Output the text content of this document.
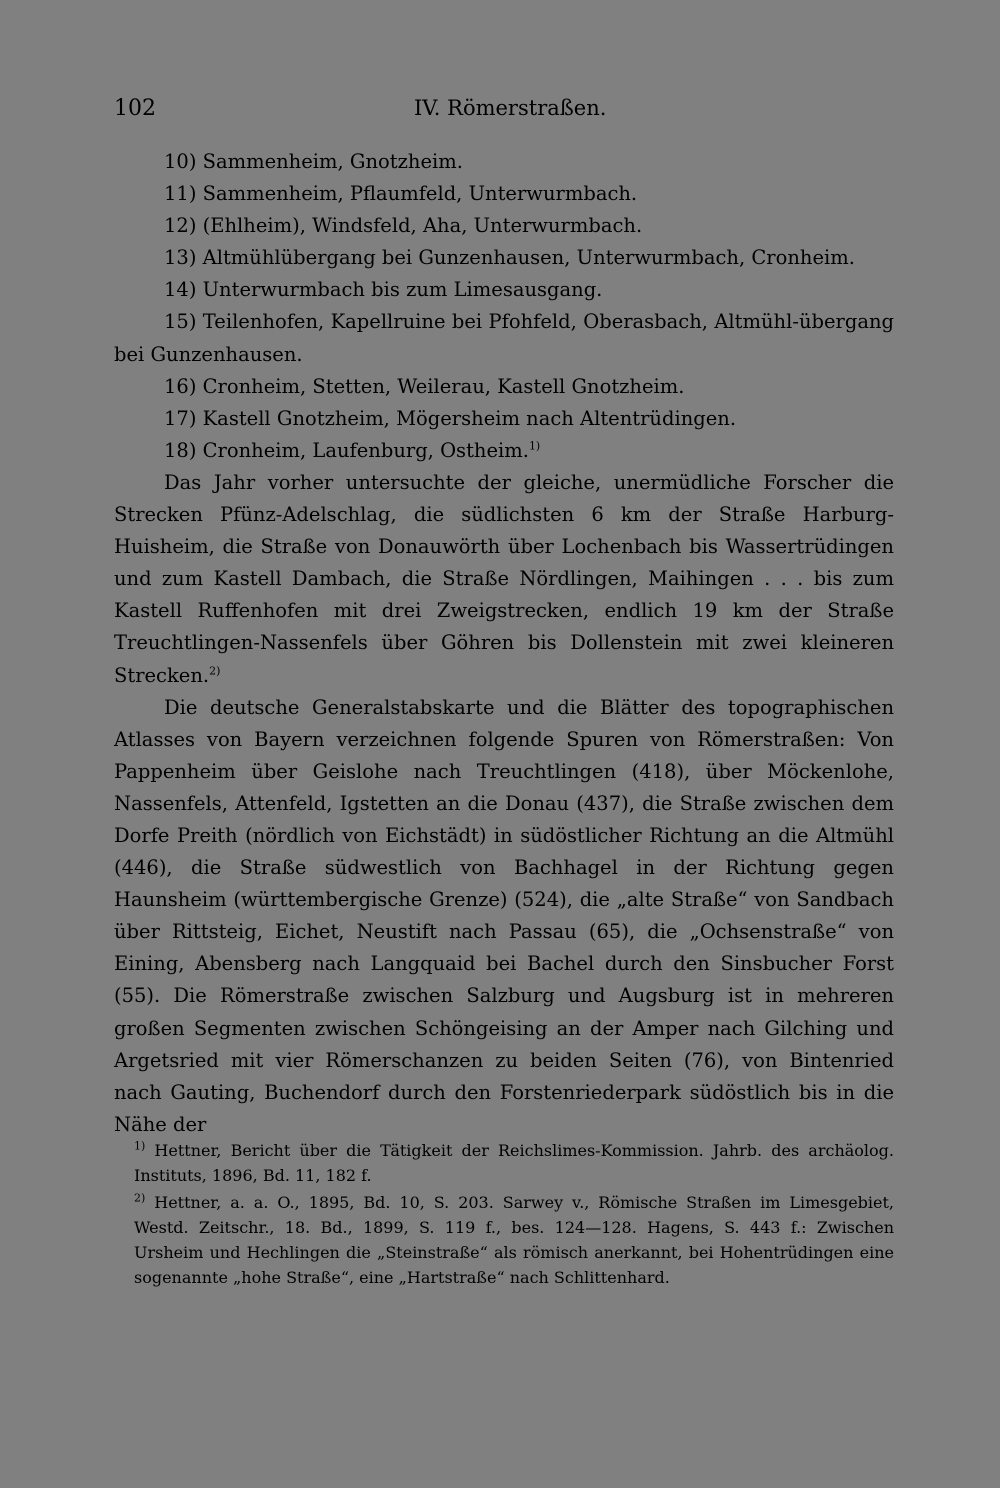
102	IV. Römerstraßen.
10) Sammenheim, Gnotzheim.
11) Sammenheim, Pflaumfeld, Unterwurmbach.
12) (Ehlheim), Windsfeld, Aha, Unterwurmbach.
13) Altmühlübergang bei Gunzenhausen, Unterwurmbach, Cronheim.
14) Unterwurmbach bis zum Limesausgang.
15) Teilenhofen, Kapellruine bei Pfohfeld, Oberasbach, Altmühl-übergang bei Gunzenhausen.
16) Cronheim, Stetten, Weilerau, Kastell Gnotzheim.
17) Kastell Gnotzheim, Mögersheim nach Altentrüdingen.
18) Cronheim, Laufenburg, Ostheim.$^{1)}$

Das Jahr vorher untersuchte der gleiche, unermüdliche Forscher die Strecken Pfünz-Adelschlag, die südlichsten 6 km der Straße Harburg-Huisheim, die Straße von Donauwörth über Lochenbach bis Wassertrüdingen und zum Kastell Dambach, die Straße Nördlingen, Maihingen . . . bis zum Kastell Ruffenhofen mit drei Zweigstrecken, endlich 19 km der Straße Treuchtlingen-Nassenfels über Göhren bis Dollenstein mit zwei kleineren Strecken.$^{2)}$

Die deutsche Generalstabskarte und die Blätter des topographischen Atlasses von Bayern verzeichnen folgende Spuren von Römerstraßen: Von Pappenheim über Geislohe nach Treuchtlingen (418), über Möckenlohe, Nassenfels, Attenfeld, Igstetten an die Donau (437), die Straße zwischen dem Dorfe Preith (nördlich von Eichstädt) in südöstlicher Richtung an die Altmühl (446), die Straße südwestlich von Bachhagel in der Richtung gegen Haunsheim (württembergische Grenze) (524), die „alte Straße“ von Sandbach über Rittsteig, Eichet, Neustift nach Passau (65), die „Ochsenstraße“ von Eining, Abensberg nach Langquaid bei Bachel durch den Sinsbucher Forst (55). Die Römerstraße zwischen Salzburg und Augsburg ist in mehreren großen Segmenten zwischen Schöngeising an der Amper nach Gilching und Argetsried mit vier Römerschanzen zu beiden Seiten (76), von Bintenried nach Gauting, Buchendorf durch den Forstenriederpark südöstlich bis in die Nähe der

$^{1)}$ Hettner, Bericht über die Tätigkeit der Reichslimes-Kommission. Jahrb. des archäolog. Instituts, 1896, Bd. 11, 182 f.
$^{2)}$ Hettner, a. a. O., 1895, Bd. 10, S. 203. Sarwey v., Römische Straßen im Limesgebiet, Westd. Zeitschr., 18. Bd., 1899, S. 119 f., bes. 124—128. Hagens, S. 443 f.: Zwischen Ursheim und Hechlingen die „Steinstraße“ als römisch anerkannt, bei Hohentrüdingen eine sogenannte „hohe Straße“, eine „Hartstraße“ nach Schlittenhard.
